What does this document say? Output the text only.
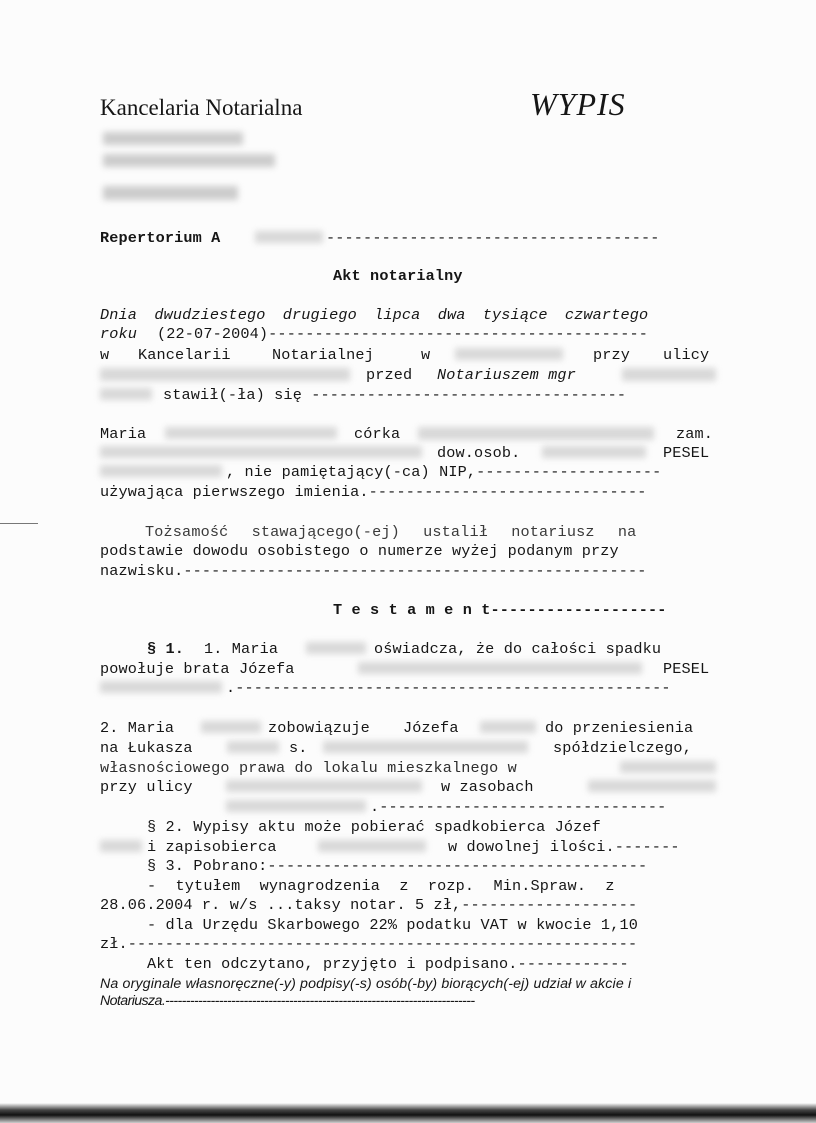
Kancelaria Notarialna	WYPIS
Repertorium A	------------------------------------
Akt notarialny
Dnia dwudziestego drugiego lipca dwa tysiące czwartego
roku (22-07-2004)-----------------------------------------
w Kancelarii	Notarialnej	w	przy ulicy
przed Notariuszem mgr
stawił(-ła) się ----------------------------------
Maria	córka	zam.
dow.osob.	PESEL
, nie pamiętający(-ca) NIP,--------------------
używająca pierwszego imienia.------------------------------
Tożsamość stawającego(-ej) ustalił notariusz na
podstawie dowodu osobistego o numerze wyżej podanym przy
nazwisku.--------------------------------------------------
T e s t a m e n t-------------------
§ 1. 1. Maria	oświadcza, że do całości spadku
powołuje brata Józefa	PESEL
.-----------------------------------------------
2. Maria	zobowiązuje Józefa	do przeniesienia
na Łukasza	s.	spółdzielczego,
własnościowego prawa do lokalu mieszkalnego w
przy ulicy	w zasobach
.-------------------------------
§ 2. Wypisy aktu może pobierać spadkobierca Józef
i zapisobierca	w dowolnej ilości.-------
§ 3. Pobrano:-----------------------------------------
- tytułem wynagrodzenia z rozp. Min.Spraw. z
28.06.2004 r. w/s ...taksy notar. 5 zł,-------------------
- dla Urzędu Skarbowego 22% podatku VAT w kwocie 1,10
zł.-------------------------------------------------------
Akt ten odczytano, przyjęto i podpisano.------------
Na oryginale własnoręczne(-y) podpisy(-s) osób(-by) biorących(-ej) udział w akcie i
Notariusza.---------------------------------------------------------------------------
